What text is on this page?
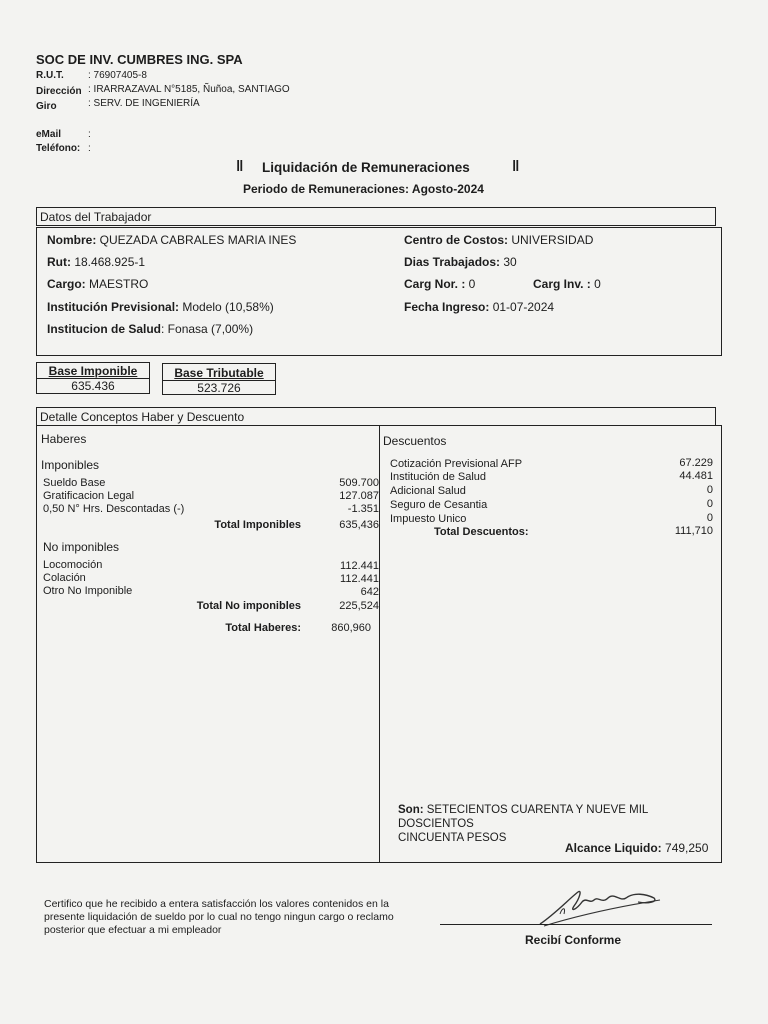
SOC DE INV. CUMBRES ING. SPA
R.U.T. : 76907405-8
Dirección : IRARRAZAVAL N°5185, Ñuñoa, SANTIAGO
Giro	: SERV. DE INGENIERÍA
eMail	:
Teléfono: :
‖ Liquidación de Remuneraciones	‖
Periodo de Remuneraciones: Agosto-2024
Datos del Trabajador
Nombre: QUEZADA CABRALES MARIA INES
Rut: 18.468.925-1
Cargo: MAESTRO
Institución Previsional: Modelo (10,58%)
Institucion de Salud: Fonasa (7,00%)
Centro de Costos: UNIVERSIDAD
Dias Trabajados: 30
Carg Nor. : 0	Carg Inv. : 0
Fecha Ingreso: 01-07-2024
Base Imponible
635.436
Base Tributable
523.726
Detalle Conceptos Haber y Descuento
Haberes
Imponibles
Sueldo Base	509.700
Gratificacion Legal	127.087
0,50 N° Hrs. Descontadas (-)	-1.351
Total Imponibles	635,436
No imponibles
Locomoción	112.441
Colación	112.441
Otro No Imponible	642
Total No imponibles	225,524
Total Haberes:	860,960
Descuentos
Cotización Previsional AFP	67.229
Institución de Salud	44.481
Adicional Salud	0
Seguro de Cesantia	0
Impuesto Unico	0
Total Descuentos:	111,710
Son: SETECIENTOS CUARENTA Y NUEVE MIL DOSCIENTOS
CINCUENTA PESOS
Alcance Liquido: 749,250
Certifico que he recibido a entera satisfacción los valores contenidos en la
presente liquidación de sueldo por lo cual no tengo ningun cargo o reclamo
posterior que efectuar a mi empleador
Recibí Conforme
